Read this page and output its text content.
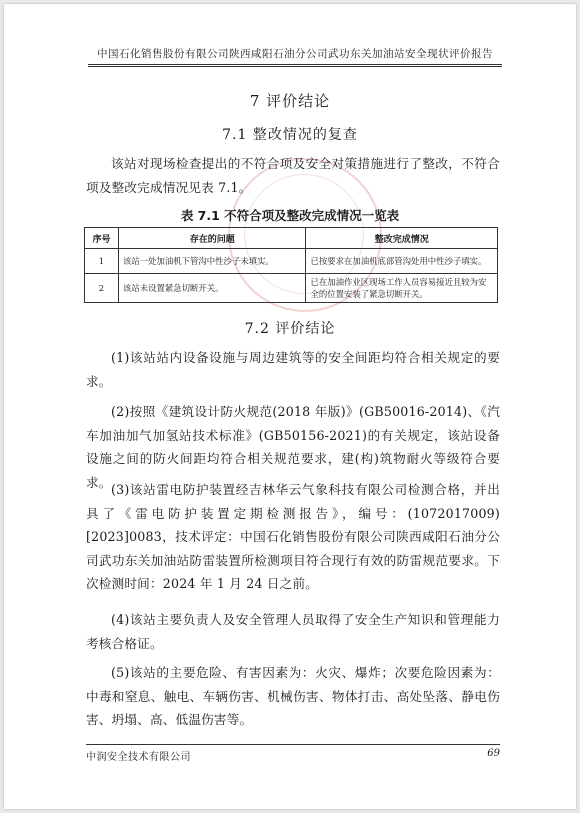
中国石化销售股份有限公司陕西咸阳石油分公司武功东关加油站安全现状评价报告
7 评价结论
7.1 整改情况的复查
该站对现场检查提出的不符合项及安全对策措施进行了整改，不符合项及整改完成情况见表 7.1。
表 7.1 不符合项及整改完成情况一览表
序号	存在的问题	整改完成情况
1	该站一处加油机下管沟中性沙子未填实。	已按要求在加油机底部管沟处用中性沙子填实。
2	该站未设置紧急切断开关。	已在加油作业区现场工作人员容易接近且较为安全的位置安装了紧急切断开关。
7.2 评价结论
(1)该站站内设备设施与周边建筑等的安全间距均符合相关规定的要求。
(2)按照《建筑设计防火规范(2018 年版)》(GB50016-2014)、《汽车加油加气加氢站技术标准》(GB50156-2021)的有关规定，该站设备设施之间的防火间距均符合相关规范要求，建(构)筑物耐火等级符合要求。 (3)该站雷电防护装置经吉林华云气象科技有限公司检测合格，并出具了《雷电防护装置定期检测报告》，编号：(1072017009)[2023]0083，技术评定：中国石化销售股份有限公司陕西咸阳石油分公司武功东关加油站防雷装置所检测项目符合现行有效的防雷规范要求。下次检测时间：2024 年 1 月 24 日之前。
(4)该站主要负责人及安全管理人员取得了安全生产知识和管理能力考核合格证。
(5)该站的主要危险、有害因素为：火灾、爆炸；次要危险因素为：中毒和窒息、触电、车辆伤害、机械伤害、物体打击、高处坠落、静电伤害、坍塌、高、低温伤害等。
中润安全技术有限公司	69
